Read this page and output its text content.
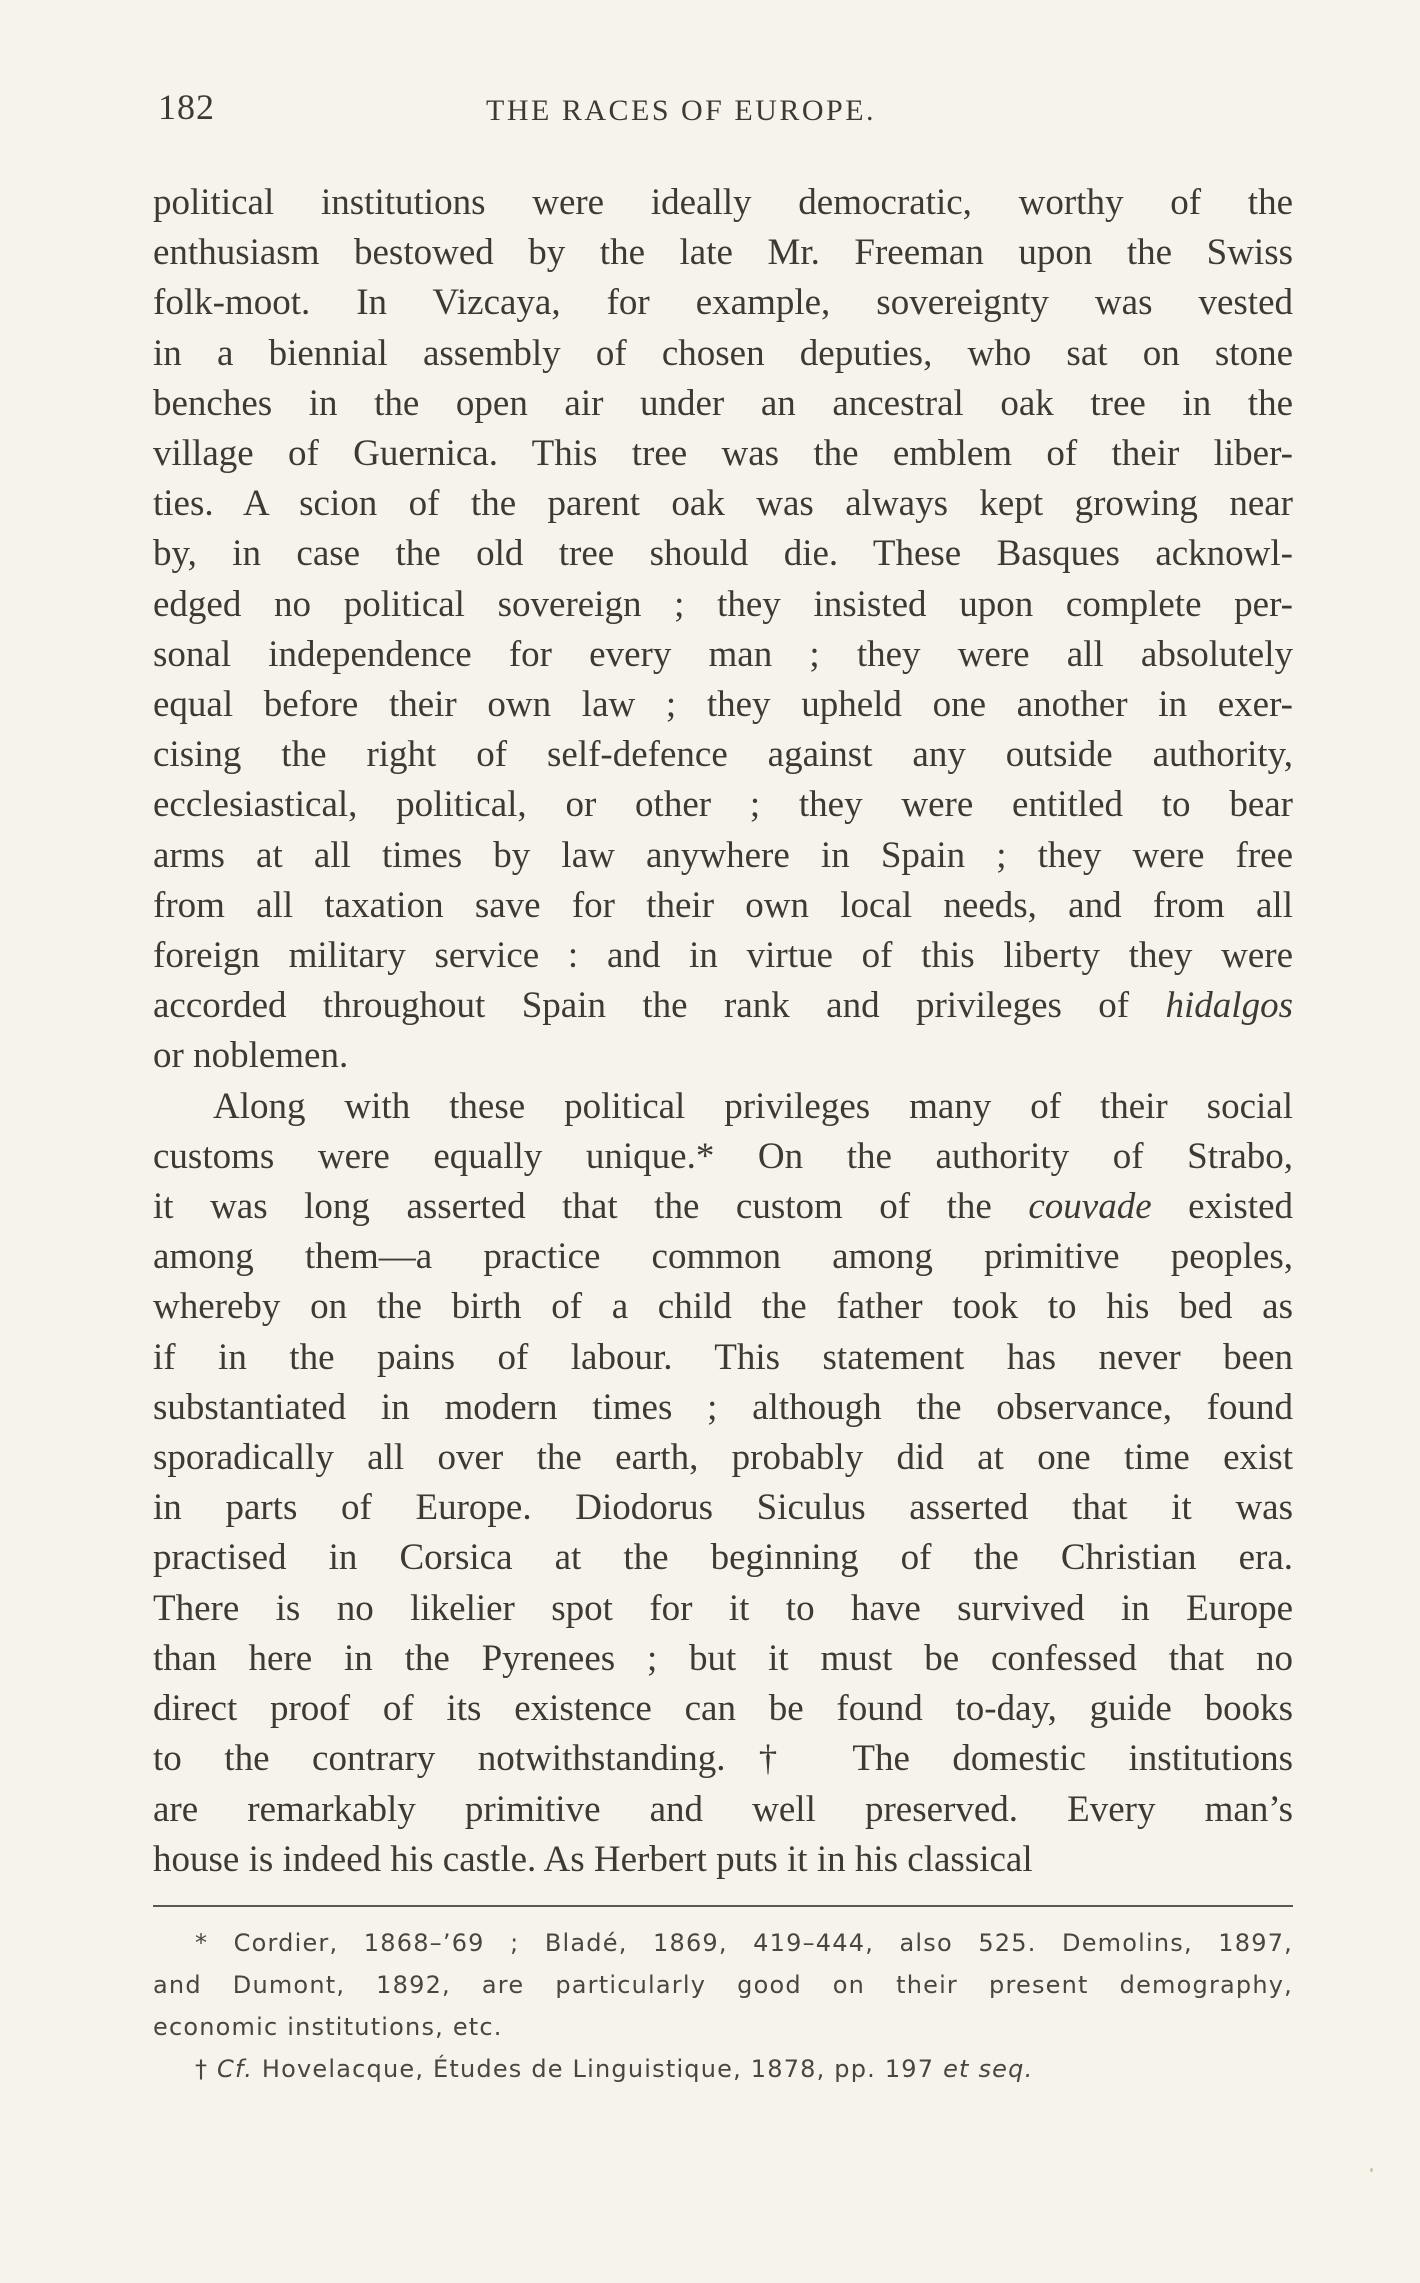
182	THE RACES OF EUROPE.
political institutions were ideally democratic, worthy of the
enthusiasm bestowed by the late Mr. Freeman upon the Swiss
folk-moot. In Vizcaya, for example, sovereignty was vested
in a biennial assembly of chosen deputies, who sat on stone
benches in the open air under an ancestral oak tree in the
village of Guernica. This tree was the emblem of their liber-
ties. A scion of the parent oak was always kept growing near
by, in case the old tree should die. These Basques acknowl-
edged no political sovereign ; they insisted upon complete per-
sonal independence for every man ; they were all absolutely
equal before their own law ; they upheld one another in exer-
cising the right of self-defence against any outside authority,
ecclesiastical, political, or other ; they were entitled to bear
arms at all times by law anywhere in Spain ; they were free
from all taxation save for their own local needs, and from all
foreign military service : and in virtue of this liberty they were
accorded throughout Spain the rank and privileges of hidalgos
or noblemen.
Along with these political privileges many of their social
customs were equally unique.* On the authority of Strabo,
it was long asserted that the custom of the couvade existed
among them—a practice common among primitive peoples,
whereby on the birth of a child the father took to his bed as
if in the pains of labour. This statement has never been
substantiated in modern times ; although the observance, found
sporadically all over the earth, probably did at one time exist
in parts of Europe. Diodorus Siculus asserted that it was
practised in Corsica at the beginning of the Christian era.
There is no likelier spot for it to have survived in Europe
than here in the Pyrenees ; but it must be confessed that no
direct proof of its existence can be found to-day, guide books
to the contrary notwithstanding.† The domestic institutions
are remarkably primitive and well preserved. Every man’s
house is indeed his castle. As Herbert puts it in his classical
* Cordier, 1868–’69 ; Bladé, 1869, 419–444, also 525. Demolins, 1897,
and Dumont, 1892, are particularly good on their present demography,
economic institutions, etc.
† Cf. Hovelacque, Études de Linguistique, 1878, pp. 197 et seq.
